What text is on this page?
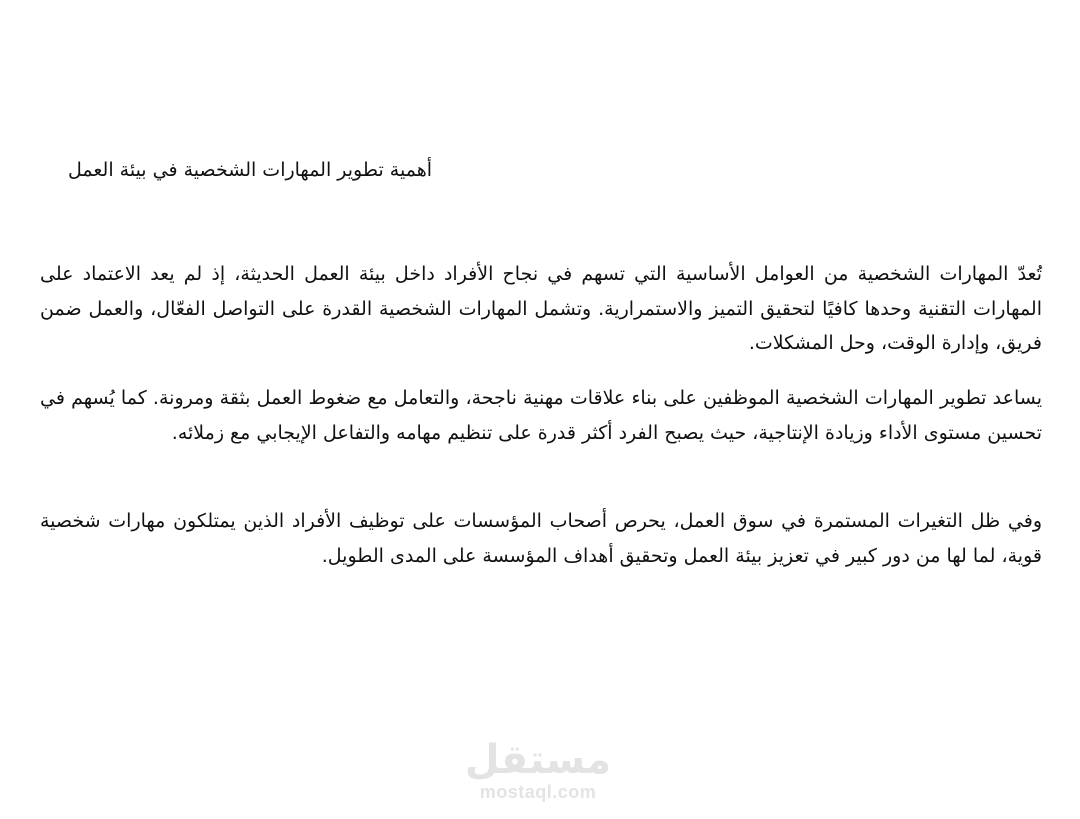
أهمية تطوير المهارات الشخصية في بيئة العمل

تُعدّ المهارات الشخصية من العوامل الأساسية التي تسهم في نجاح الأفراد داخل بيئة العمل الحديثة، إذ لم يعد الاعتماد على المهارات التقنية وحدها كافيًا لتحقيق التميز والاستمرارية. وتشمل المهارات الشخصية القدرة على التواصل الفعّال، والعمل ضمن فريق، وإدارة الوقت، وحل المشكلات.

يساعد تطوير المهارات الشخصية الموظفين على بناء علاقات مهنية ناجحة، والتعامل مع ضغوط العمل بثقة ومرونة. كما يُسهم في تحسين مستوى الأداء وزيادة الإنتاجية، حيث يصبح الفرد أكثر قدرة على تنظيم مهامه والتفاعل الإيجابي مع زملائه.

وفي ظل التغيرات المستمرة في سوق العمل، يحرص أصحاب المؤسسات على توظيف الأفراد الذين يمتلكون مهارات شخصية قوية، لما لها من دور كبير في تعزيز بيئة العمل وتحقيق أهداف المؤسسة على المدى الطويل.

مستقل
mostaql.com
